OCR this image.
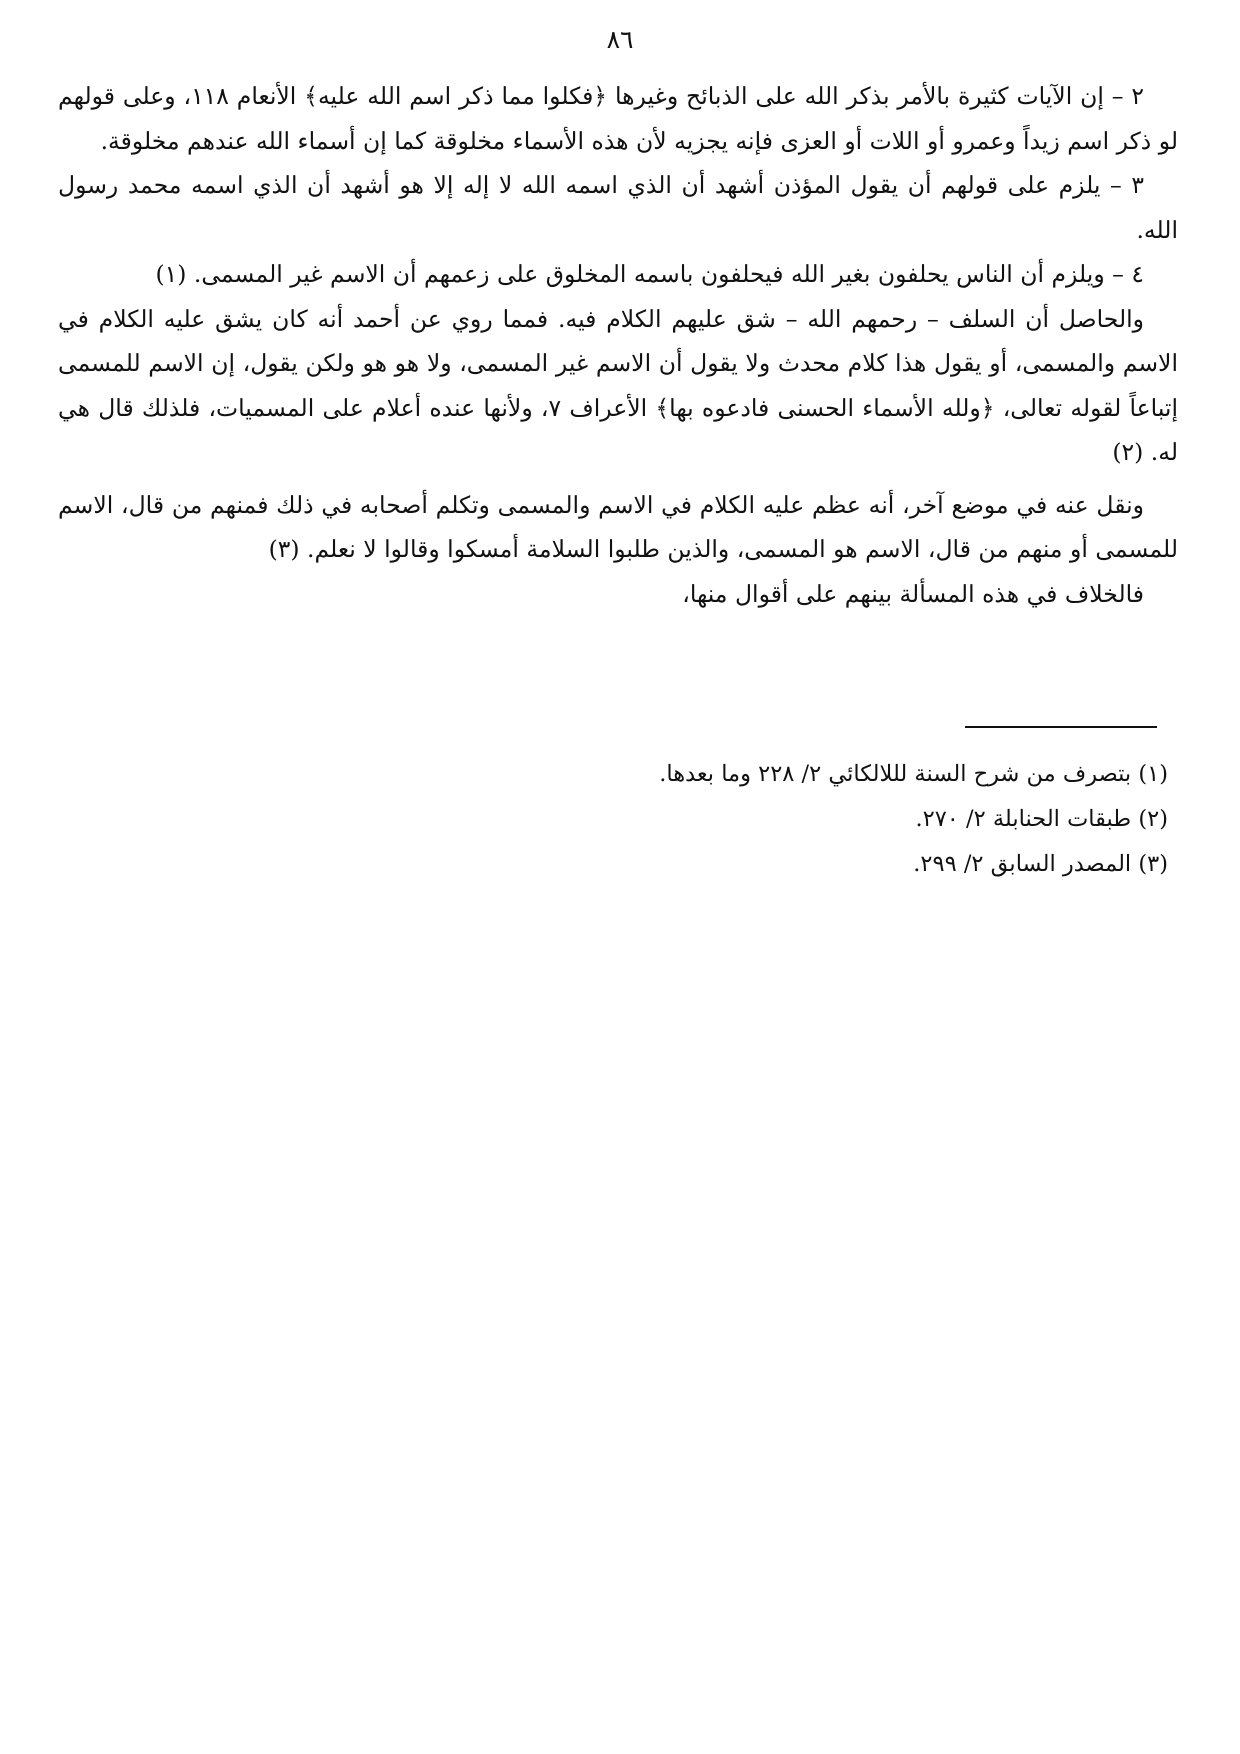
٨٦

٢ – إن الآيات كثيرة بالأمر بذكر الله على الذبائح وغيرها ﴿فكلوا مما ذكر اسم الله عليه﴾ الأنعام ١١٨، وعلى قولهم لو ذكر اسم زيداً وعمرو أو اللات أو العزى فإنه يجزيه لأن هذه الأسماء مخلوقة كما إن أسماء الله عندهم مخلوقة.

٣ – يلزم على قولهم أن يقول المؤذن أشهد أن الذي اسمه الله لا إله إلا هو أشهد أن الذي اسمه محمد رسول الله.

٤ – ويلزم أن الناس يحلفون بغير الله فيحلفون باسمه المخلوق على زعمهم أن الاسم غير المسمى. (١)

والحاصل أن السلف – رحمهم الله – شق عليهم الكلام فيه. فمما روي عن أحمد أنه كان يشق عليه الكلام في الاسم والمسمى، أو يقول هذا كلام محدث ولا يقول أن الاسم غير المسمى، ولا هو هو ولكن يقول، إن الاسم للمسمى إتباعاً لقوله تعالى، ﴿ولله الأسماء الحسنى فادعوه بها﴾ الأعراف ٧، ولأنها عنده أعلام على المسميات، فلذلك قال هي له. (٢)

ونقل عنه في موضع آخر، أنه عظم عليه الكلام في الاسم والمسمى وتكلم أصحابه في ذلك فمنهم من قال، الاسم للمسمى أو منهم من قال، الاسم هو المسمى، والذين طلبوا السلامة أمسكوا وقالوا لا نعلم. (٣)

فالخلاف في هذه المسألة بينهم على أقوال منها،

(١) بتصرف من شرح السنة لللالكائي ٢/ ٢٢٨ وما بعدها.

(٢) طبقات الحنابلة ٢/ ٢٧٠.

(٣) المصدر السابق ٢/ ٢٩٩.
